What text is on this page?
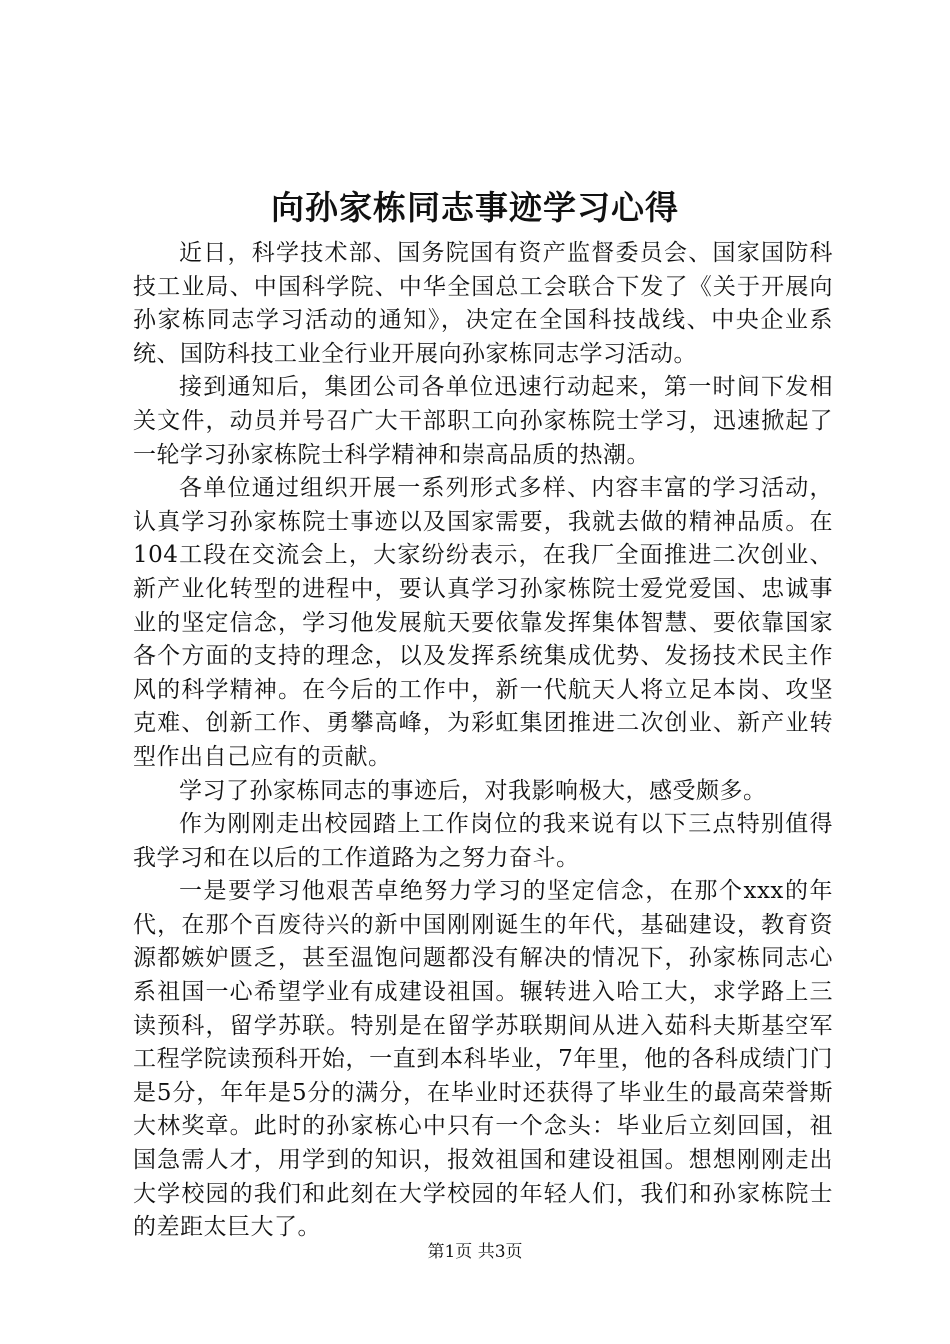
向孙家栋同志事迹学习心得

近日，科学技术部、国务院国有资产监督委员会、国家国防科技工业局、中国科学院、中华全国总工会联合下发了《关于开展向孙家栋同志学习活动的通知》，决定在全国科技战线、中央企业系统、国防科技工业全行业开展向孙家栋同志学习活动。

接到通知后，集团公司各单位迅速行动起来，第一时间下发相关文件，动员并号召广大干部职工向孙家栋院士学习，迅速掀起了一轮学习孙家栋院士科学精神和崇高品质的热潮。

各单位通过组织开展一系列形式多样、内容丰富的学习活动，认真学习孙家栋院士事迹以及国家需要，我就去做的精神品质。在104工段在交流会上，大家纷纷表示，在我厂全面推进二次创业、新产业化转型的进程中，要认真学习孙家栋院士爱党爱国、忠诚事业的坚定信念，学习他发展航天要依靠发挥集体智慧、要依靠国家各个方面的支持的理念，以及发挥系统集成优势、发扬技术民主作风的科学精神。在今后的工作中，新一代航天人将立足本岗、攻坚克难、创新工作、勇攀高峰，为彩虹集团推进二次创业、新产业转型作出自己应有的贡献。

学习了孙家栋同志的事迹后，对我影响极大，感受颇多。

作为刚刚走出校园踏上工作岗位的我来说有以下三点特别值得我学习和在以后的工作道路为之努力奋斗。

一是要学习他艰苦卓绝努力学习的坚定信念，在那个xxx的年代，在那个百废待兴的新中国刚刚诞生的年代，基础建设，教育资源都嫉妒匮乏，甚至温饱问题都没有解决的情况下，孙家栋同志心系祖国一心希望学业有成建设祖国。辗转进入哈工大，求学路上三读预科，留学苏联。特别是在留学苏联期间从进入茹科夫斯基空军工程学院读预科开始，一直到本科毕业，7年里，他的各科成绩门门是5分，年年是5分的满分，在毕业时还获得了毕业生的最高荣誉斯大林奖章。此时的孙家栋心中只有一个念头：毕业后立刻回国，祖国急需人才，用学到的知识，报效祖国和建设祖国。想想刚刚走出大学校园的我们和此刻在大学校园的年轻人们，我们和孙家栋院士的差距太巨大了。

第1页 共3页
